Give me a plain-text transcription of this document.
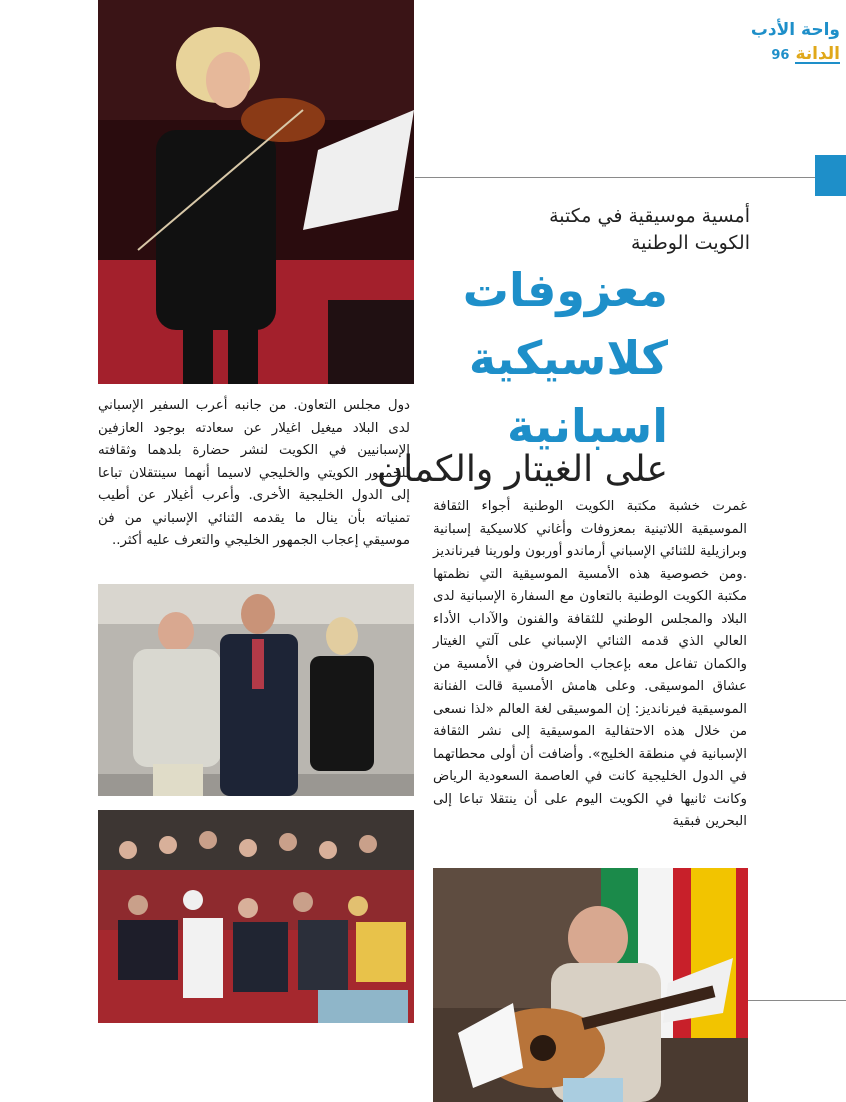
واحة الأدب
96 الدانة
أمسية موسيقية في مكتبة
الكويت الوطنية
معزوفات
كلاسيكية
اسبانية
على الغيتار والكمان
غمرت خشبة مكتبة الكويت الوطنية أجواء الثقافة الموسيقية اللاتينية بمعزوفات وأغاني كلاسيكية إسبانية وبرازيلية للثنائي الإسباني أرماندو أوربون ولورينا فيرنانديز .ومن خصوصية هذه الأمسية الموسيقية التي نظمتها مكتبة الكويت الوطنية بالتعاون مع السفارة الإسبانية لدى البلاد والمجلس الوطني للثقافة والفنون والآداب الأداء العالي الذي قدمه الثنائي الإسباني على آلتي الغيتار والكمان تفاعل معه بإعجاب الحاضرون في الأمسية من عشاق الموسيقى. وعلى هامش الأمسية قالت الفنانة الموسيقية فيرنانديز: إن الموسيقى لغة العالم «لذا نسعى من خلال هذه الاحتفالية الموسيقية إلى نشر الثقافة الإسبانية في منطقة الخليج». وأضافت أن أولى محطاتهما في الدول الخليجية كانت في العاصمة السعودية الرياض وكانت ثانيها في الكويت اليوم على أن ينتقلا تباعا إلى البحرين فبقية
دول مجلس التعاون. من جانبه أعرب السفير الإسباني لدى البلاد ميغيل اغيلار عن سعادته بوجود العازفين الإسبانيين في الكويت لنشر حضارة بلدهما وثقافته للجمهور الكويتي والخليجي لاسيما أنهما سينتقلان تباعا إلى الدول الخليجية الأخرى. وأعرب أغيلار عن أطيب تمنياته بأن ينال ما يقدمه الثنائي الإسباني من فن موسيقي إعجاب الجمهور الخليجي والتعرف عليه أكثر..
